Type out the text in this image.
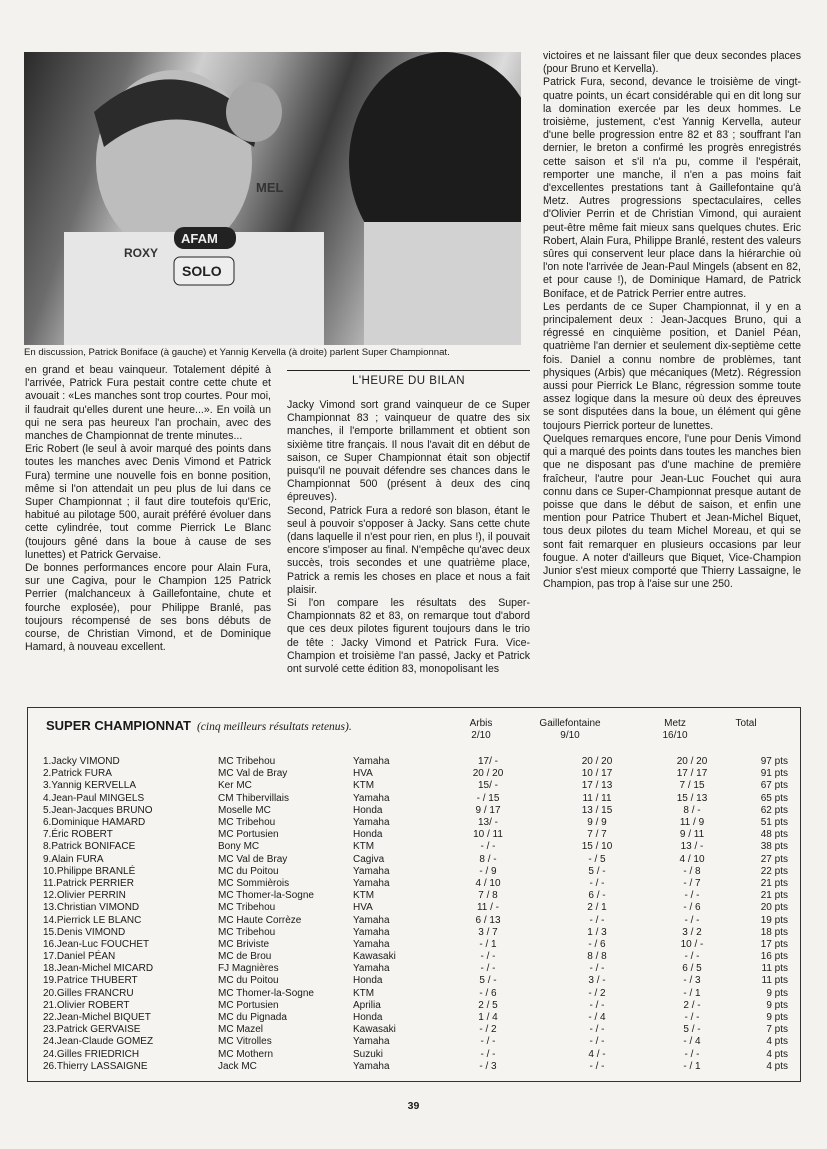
AFAM
SOLO
ROXY
MEL
En discussion, Patrick Boniface (à gauche) et Yannig Kervella (à droite) parlent Super Championnat.

en grand et beau vainqueur. Totalement dépité à l'arrivée, Patrick Fura pestait contre cette chute et avouait : «Les manches sont trop courtes. Pour moi, il faudrait qu'elles durent une heure...». En voilà un qui ne sera pas heureux l'an prochain, avec des manches de Championnat de trente minutes...

Eric Robert (le seul à avoir marqué des points dans toutes les manches avec Denis Vimond et Patrick Fura) termine une nouvelle fois en bonne position, même si l'on attendait un peu plus de lui dans ce Super Championnat ; il faut dire toutefois qu'Eric, habitué au pilotage 500, aurait préféré évoluer dans cette cylindrée, tout comme Pierrick Le Blanc (toujours gêné dans la boue à cause de ses lunettes) et Patrick Gervaise.

De bonnes performances encore pour Alain Fura, sur une Cagiva, pour le Champion 125 Patrick Perrier (malchanceux à Gaillefontaine, chute et fourche explosée), pour Philippe Branlé, pas toujours récompensé de ses bons débuts de course, de Christian Vimond, et de Dominique Hamard, à nouveau excellent.

L'HEURE DU BILAN

Jacky Vimond sort grand vainqueur de ce Super Championnat 83 ; vainqueur de quatre des six manches, il l'emporte brillamment et obtient son sixième titre français. Il nous l'avait dit en début de saison, ce Super Championnat était son objectif puisqu'il ne pouvait défendre ses chances dans le Championnat 500 (présent à deux des cinq épreuves).

Second, Patrick Fura a redoré son blason, étant le seul à pouvoir s'opposer à Jacky. Sans cette chute (dans laquelle il n'est pour rien, en plus !), il pouvait encore s'imposer au final. N'empêche qu'avec deux succès, trois secondes et une quatrième place, Patrick a remis les choses en place et nous a fait plaisir.

Si l'on compare les résultats des Super-Championnats 82 et 83, on remarque tout d'abord que ces deux pilotes figurent toujours dans le trio de tête : Jacky Vimond et Patrick Fura. Vice-Champion et troisième l'an passé, Jacky et Patrick ont survolé cette édition 83, monopolisant les

victoires et ne laissant filer que deux secondes places (pour Bruno et Kervella).

Patrick Fura, second, devance le troisième de vingt-quatre points, un écart considérable qui en dit long sur la domination exercée par les deux hommes. Le troisième, justement, c'est Yannig Kervella, auteur d'une belle progression entre 82 et 83 ; souffrant l'an dernier, le breton a confirmé les progrès enregistrés cette saison et s'il n'a pu, comme il l'espérait, remporter une manche, il n'en a pas moins fait d'excellentes prestations tant à Gaillefontaine qu'à Metz. Autres progressions spectaculaires, celles d'Olivier Perrin et de Christian Vimond, qui auraient peut-être même fait mieux sans quelques chutes. Eric Robert, Alain Fura, Philippe Branlé, restent des valeurs sûres qui conservent leur place dans la hiérarchie où l'on note l'arrivée de Jean-Paul Mingels (absent en 82, et pour cause !), de Dominique Hamard, de Patrick Boniface, et de Patrick Perrier entre autres.

Les perdants de ce Super Championnat, il y en a principalement deux : Jean-Jacques Bruno, qui a régressé en cinquième position, et Daniel Péan, quatrième l'an dernier et seulement dix-septième cette fois. Daniel a connu nombre de problèmes, tant physiques (Arbis) que mécaniques (Metz). Régression aussi pour Pierrick Le Blanc, régression somme toute assez logique dans la mesure où deux des épreuves se sont disputées dans la boue, un élément qui gêne toujours Pierrick porteur de lunettes.

Quelques remarques encore, l'une pour Denis Vimond qui a marqué des points dans toutes les manches bien que ne disposant pas d'une machine de première fraîcheur, l'autre pour Jean-Luc Fouchet qui aura connu dans ce Super-Championnat presque autant de poisse que dans le début de saison, et enfin une mention pour Patrice Thubert et Jean-Michel Biquet, tous deux pilotes du team Michel Moreau, et qui se sont fait remarquer en plusieurs occasions par leur fougue. A noter d'ailleurs que Biquet, Vice-Champion Junior s'est mieux comporté que Thierry Lassaigne, le Champion, pas trop à l'aise sur une 250.

SUPER CHAMPIONNAT (cinq meilleurs résultats retenus).	Arbis
2/10
Gaillefontaine
9/10
Metz
16/10
Total
1.Jacky VIMOND	MC Tribehou	Yamaha	17/ -	20 / 20	20 / 20	97 pts
2.Patrick FURA	MC Val de Bray	HVA	20 / 20	10 / 17	17 / 17	91 pts
3.Yannig KERVELLA	Ker MC	KTM	15/ -	17 / 13	7 / 15	67 pts
4.Jean-Paul MINGELS	CM Thibervillais	Yamaha	- / 15	11 / 11	15 / 13	65 pts
5.Jean-Jacques BRUNO	Moselle MC	Honda	9 / 17	13 / 15	8 / -	62 pts
6.Dominique HAMARD	MC Tribehou	Yamaha	13/ -	9 / 9	11 / 9	51 pts
7.Éric ROBERT	MC Portusien	Honda	10 / 11	7 / 7	9 / 11	48 pts
8.Patrick BONIFACE	Bony MC	KTM	- / -	15 / 10	13 / -	38 pts
9.Alain FURA	MC Val de Bray	Cagiva	8 / -	- / 5	4 / 10	27 pts
10.Philippe BRANLÉ	MC du Poitou	Yamaha	- / 9	5 / -	- / 8	22 pts
11.Patrick PERRIER	MC Sommièrois	Yamaha	4 / 10	- / -	- / 7	21 pts
12.Olivier PERRIN	MC Thomer-la-Sogne	KTM	7 / 8	6 / -	- / -	21 pts
13.Christian VIMOND	MC Tribehou	HVA	11 / -	2 / 1	- / 6	20 pts
14.Pierrick LE BLANC	MC Haute Corrèze	Yamaha	6 / 13	- / -	- / -	19 pts
15.Denis VIMOND	MC Tribehou	Yamaha	3 / 7	1 / 3	3 / 2	18 pts
16.Jean-Luc FOUCHET	MC Briviste	Yamaha	- / 1	- / 6	10 / -	17 pts
17.Daniel PÉAN	MC de Brou	Kawasaki	- / -	8 / 8	- / -	16 pts
18.Jean-Michel MICARD	FJ Magnières	Yamaha	- / -	- / -	6 / 5	11 pts
19.Patrice THUBERT	MC du Poitou	Honda	5 / -	3 / -	- / 3	11 pts
20.Gilles FRANCRU	MC Thomer-la-Sogne	KTM	- / 6	- / 2	- / 1	9 pts
21.Olivier ROBERT	MC Portusien	Aprilia	2 / 5	- / -	2 / -	9 pts
22.Jean-Michel BIQUET	MC du Pignada	Honda	1 / 4	- / 4	- / -	9 pts
23.Patrick GERVAISE	MC Mazel	Kawasaki	- / 2	- / -	5 / -	7 pts
24.Jean-Claude GOMEZ	MC Vitrolles	Yamaha	- / -	- / -	- / 4	4 pts
24.Gilles FRIEDRICH	MC Mothern	Suzuki	- / -	4 / -	- / -	4 pts
26.Thierry LASSAIGNE	Jack MC	Yamaha	- / 3	- / -	- / 1	4 pts
39
